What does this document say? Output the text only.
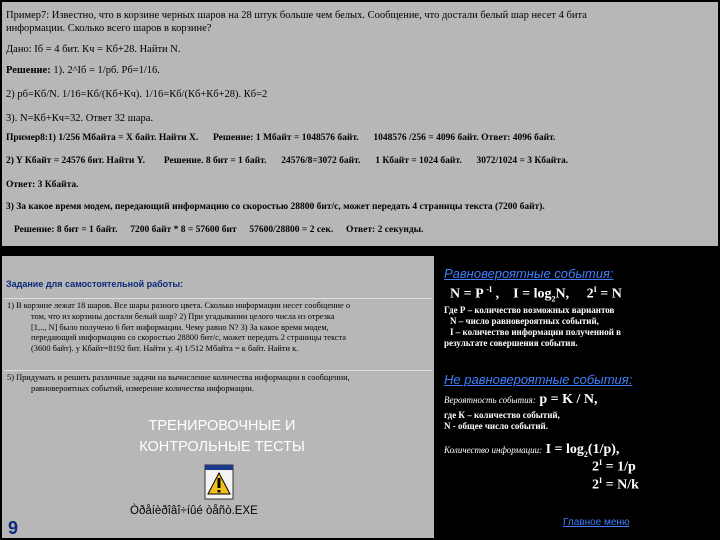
Пример7: Известно, что в корзине черных шаров на 28 штук больше чем белых. Сообщение, что достали белый шар несет 4 бита
информации. Сколько всего шаров в корзине?
Дано: Iб = 4 бит. Кч = Кб+28. Найти N.
Решение: 1). 2^Iб = 1/pб. Pб=1/16.
2) pб=Кб/N. 1/16=Кб/(Кб+Кч). 1/16=Кб/(Кб+Кб+28). Кб=2
3). N=Кб+Кч=32. Ответ 32 шара.
Пример8:1) 1/256 Мбайта = Х байт. Найти Х. Решение: 1 Мбайт = 1048576 байт. 1048576 /256 = 4096 байт. Ответ: 4096 байт.
2) Y Кбайт = 24576 бит. Найти Y. Решение. 8 бит = 1 байт. 24576/8=3072 байт. 1 Кбайт = 1024 байт. 3072/1024 = 3 Кбайта.
Ответ: 3 Кбайта.
3) За какое время модем, передающий информацию со скоростью 28800 бит/с, может передать 4 страницы текста (7200 байт).
Решение: 8 бит = 1 байт. 7200 байт * 8 = 57600 бит 57600/28800 = 2 сек. Ответ: 2 секунды.
Задание для самостоятельной работы:

1) В корзине лежат 18 шаров. Все шары разного цвета. Сколько информации несет сообщение о
том, что из корзины достали белый шар? 2) При угадывании целого числа из отрезка
[1,.., N] было получено 6 бит информации. Чему равно N? 3) За какое время модем,
передающий информацию со скоростью 28800 бит/с, может передать 2 страницы текста
(3600 байт). у Кбайт=8192 бит. Найти у. 4) 1/512 Мбайта = к байт. Найти к.

5) Придумать и решить различные задачи на вычисление количества информации в сообщении,
равновероятных событий, измерение количества информации.

ТРЕНИРОВОЧНЫЕ И
КОНТРОЛЬНЫЕ ТЕСТЫ
Òðåíèðîâî÷íûé òåñò.EXE
9
Равновероятные события:
N = P $^{-I}$ ,    $I = \log_2N$,     $2^I = N$
Где Р – количество возможных вариантов
N – число равновероятных событий,
I – количество информации полученной в
результате совершения события.
Не равновероятные события:
Вероятность события: p = K / N,
где К – количество событий,
N - общее число событий.
Количество информации: $I = \log_2(1/p)$,
$2^I = 1/p$
$2^I = N/k$
Главное меню
